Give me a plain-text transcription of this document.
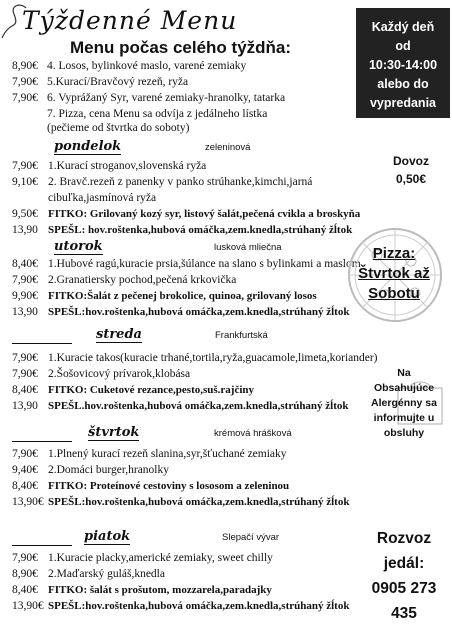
Týždenné Menu
Menu počas celého týždňa:
Každý deň
od
10:30-14:00
alebo do
vypredania
8,90€ 4. Losos, bylinkové maslo, varené zemiaky
7,90€ 5.Kurací/Bravčový rezeň, ryža
7,90€ 6. Vyprážaný Syr, varené zemiaky-hranolky, tatarka
7. Pizza, cena Menu sa odvíja z jedálneho lístka
(pečieme od štvrtka do soboty)
pondelok	zeleninová
7,90€ 1.Kurací stroganov,slovenská ryža
9,10€ 2. Bravč.rezeň z panenky v panko strúhanke,kimchi,jarná
cibuľka,jasmínová ryža
9,50€ FITKO: Grilovaný kozý syr, listový šalát,pečená cvikla a broskyňa
13,90 SPEŠL: hov.roštenka,hubová omáčka,zem.knedla,strúhaný žĺtok
utorok	lusková mliečna
8,40€ 1.Hubové ragú,kuracie prsia,šúlance na slano s bylinkami a maslom
7,90€ 2.Granatiersky pochod,pečená krkovička
9,90€ FITKO:Šalát z pečenej brokolice, quinoa, grilovaný losos
13,90 SPEŠL:hov.roštenka,hubová omáčka,zem.knedla,strúhaný žĺtok
streda	Frankfurtská
7,90€ 1.Kuracie takos(kuracie trhané,tortila,ryža,guacamole,limeta,koriander)
7,90€ 2.Šošovicový prívarok,klobása
8,40€ FITKO: Cuketové rezance,pesto,suš.rajčiny
13,90 SPEŠL.hov.roštenka,hubová omáčka,zem.knedla,strúhaný žĺtok
štvrtok	krémová hrášková
7,90€ 1.Plnený kurací rezeň slanina,syr,šťuchané zemiaky
9,40€ 2.Domáci burger,hranolky
8,40€ FITKO: Proteínové cestoviny s lososom a zeleninou
13,90€ SPEŠL:hov.roštenka,hubová omáčka,zem.knedla,strúhaný žĺtok
piatok	Slepačí vývar
7,90€ 1.Kuracie placky,americké zemiaky, sweet chilly
8,90€ 2.Maďarský guláš,knedla
8,40€ FITKO: šalát s prošutom, mozzarela,paradajky
13,90€ SPEŠL:hov.roštenka,hubová omáčka,zem.knedla,strúhaný žĺtok
Dovoz
0,50€
Pizza:
Štvrtok až
Sobotu
Na
Obsahujúce
Alergénny sa
informujte u
obsluhy
Rozvoz
jedál:
0905 273
435
